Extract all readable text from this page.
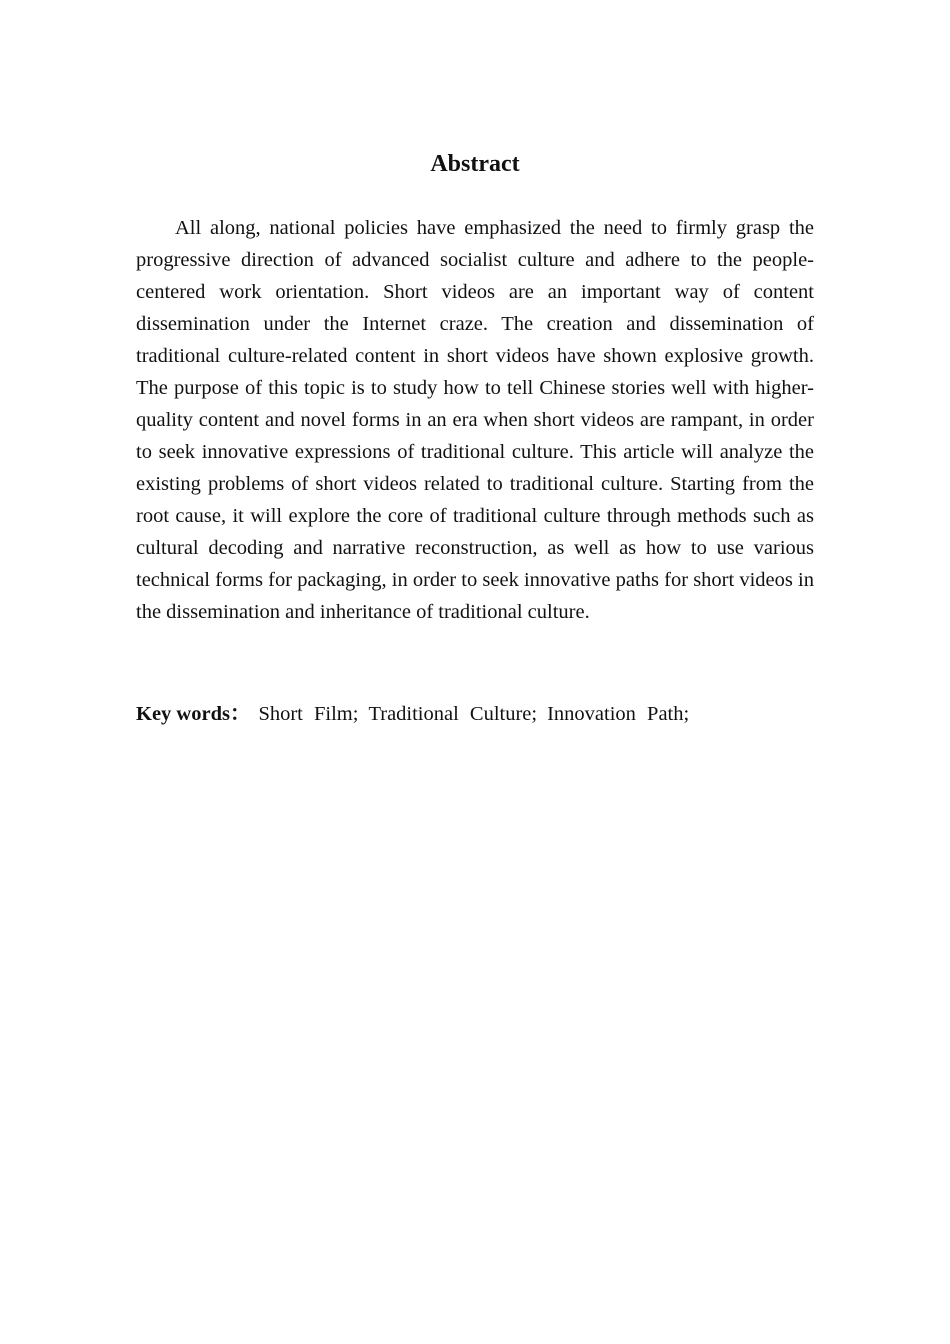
Abstract

All along, national policies have emphasized the need to firmly grasp the progressive direction of advanced socialist culture and adhere to the people-centered work orientation. Short videos are an important way of content dissemination under the Internet craze. The creation and dissemination of traditional culture-related content in short videos have shown explosive growth. The purpose of this topic is to study how to tell Chinese stories well with higher-quality content and novel forms in an era when short videos are rampant, in order to seek innovative expressions of traditional culture. This article will analyze the existing problems of short videos related to traditional culture. Starting from the root cause, it will explore the core of traditional culture through methods such as cultural decoding and narrative reconstruction, as well as how to use various technical forms for packaging, in order to seek innovative paths for short videos in the dissemination and inheritance of traditional culture.

Key words： Short Film; Traditional Culture; Innovation Path;
